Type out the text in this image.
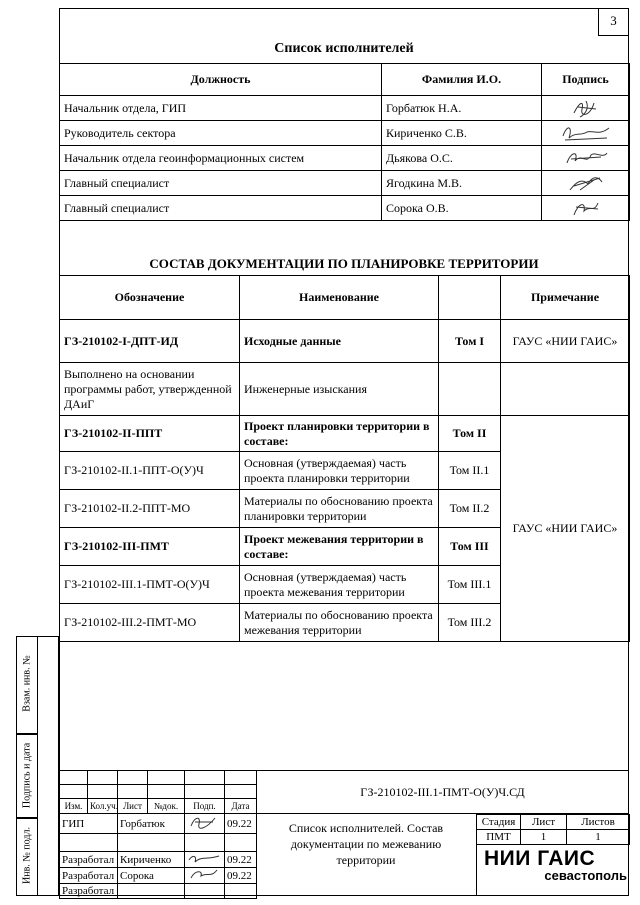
3
Список исполнителей
Должность	Фамилия И.О.	Подпись
Начальник отдела, ГИП	Горбатюк Н.А.	
Руководитель сектора	Кириченко С.В.	
Начальник отдела геоинформационных систем	Дьякова О.С.	
Главный специалист	Ягодкина М.В.	
Главный специалист	Сорока О.В.	
СОСТАВ ДОКУМЕНТАЦИИ ПО ПЛАНИРОВКЕ ТЕРРИТОРИИ
Обозначение	Наименование		Примечание
ГЗ-210102-I-ДПТ-ИД	Исходные данные	Том I	ГАУС «НИИ ГАИС»
Выполнено на основании программы работ, утвержденной ДАиГ	Инженерные изыскания		
ГЗ-210102-II-ППТ	Проект планировки территории в составе:	Том II	ГАУС «НИИ ГАИС»
ГЗ-210102-II.1-ППТ-О(У)Ч	Основная (утверждаемая) часть проекта планировки территории	Том II.1	
ГЗ-210102-II.2-ППТ-МО	Материалы по обоснованию проекта планировки территории	Том II.2	
ГЗ-210102-III-ПМТ	Проект межевания территории в составе:	Том III	
ГЗ-210102-III.1-ПМТ-О(У)Ч	Основная (утверждаемая) часть проекта межевания территории	Том III.1	
ГЗ-210102-III.2-ПМТ-МО	Материалы по обоснованию проекта межевания территории	Том III.2	
Взам. инв. №
Подпись и дата
Инв. № подл.

Изм.	Кол.уч.	Лист	№док.	Подп.	Дата
ГИП		Горбатюк			09.22

Разработал		Кириченко			09.22
Разработал		Сорока			09.22
Разработал					
ГЗ-210102-III.1-ПМТ-О(У)Ч.СД
Список исполнителей. Состав документации по межеванию территории
Стадия	Лист	Листов
ПМТ	1	1
НИИ ГАИС
севастополь
